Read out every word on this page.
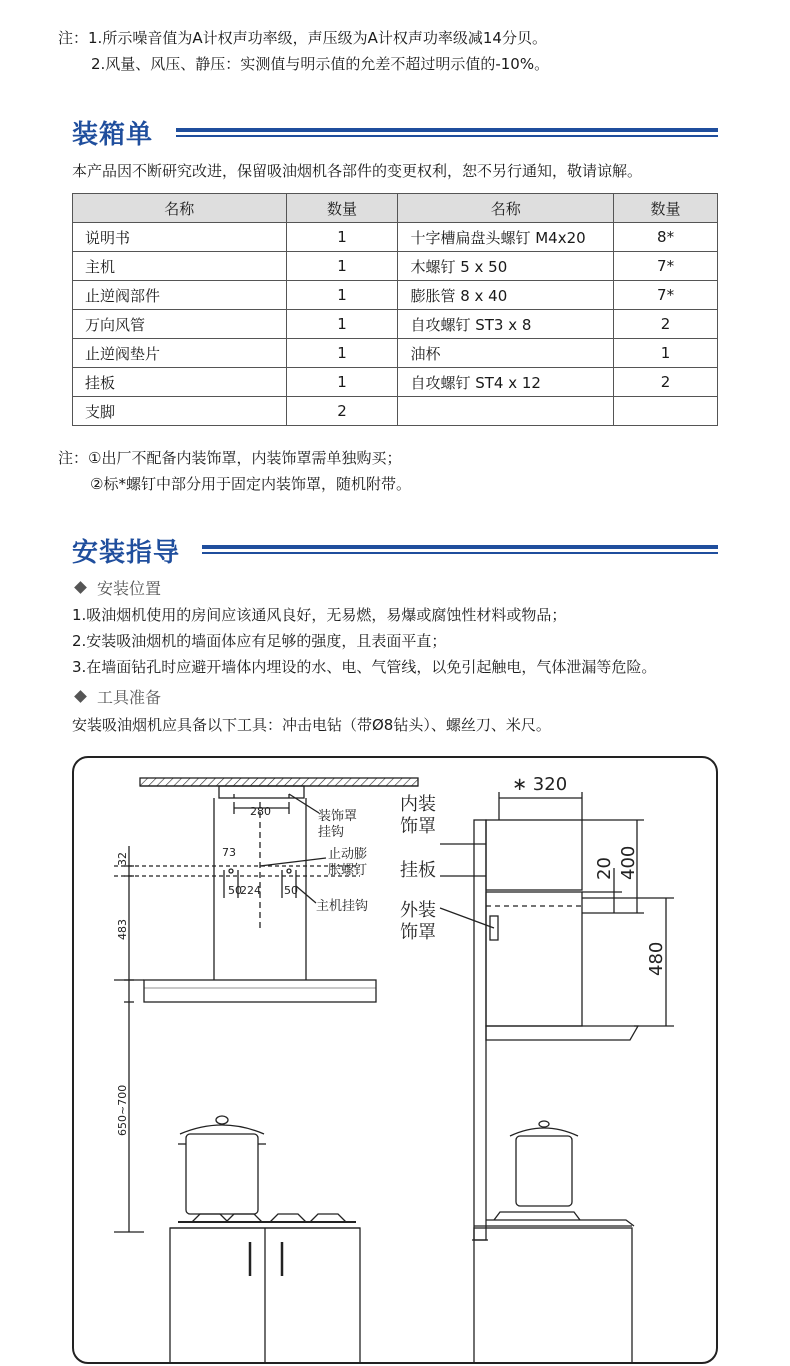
注：1.所示噪音值为A计权声功率级，声压级为A计权声功率级减14分贝。
2.风量、风压、静压：实测值与明示值的允差不超过明示值的-10%。
装箱单
本产品因不断研究改进，保留吸油烟机各部件的变更权利，恕不另行通知，敬请谅解。
名称	数量	名称	数量
说明书	1	十字槽扁盘头螺钉 M4x20	8*
主机	1	木螺钉 5 x 50	7*
止逆阀部件	1	膨胀管 8 x 40	7*
万向风管	1	自攻螺钉 ST3 x 8	2
止逆阀垫片	1	油杯	1
挂板	1	自攻螺钉 ST4 x 12	2
支脚	2		
注：①出厂不配备内装饰罩，内装饰罩需单独购买；
②标*螺钉中部分用于固定内装饰罩，随机附带。
安装指导
安装位置
1.吸油烟机使用的房间应该通风良好，无易燃，易爆或腐蚀性材料或物品；
2.安装吸油烟机的墙面体应有足够的强度，且表面平直；
3.在墙面钻孔时应避开墙体内埋设的水、电、气管线，以免引起触电，气体泄漏等危险。
工具准备
安装吸油烟机应具备以下工具：冲击电钻（带Ø8钻头）、螺丝刀、米尺。
装饰罩
挂钩
止动膨
胀螺钉
主机挂钩
280
73
50
224 50
32
483
650~700
内装
饰罩
挂板
外装
饰罩
∗ 320
20 400
480
